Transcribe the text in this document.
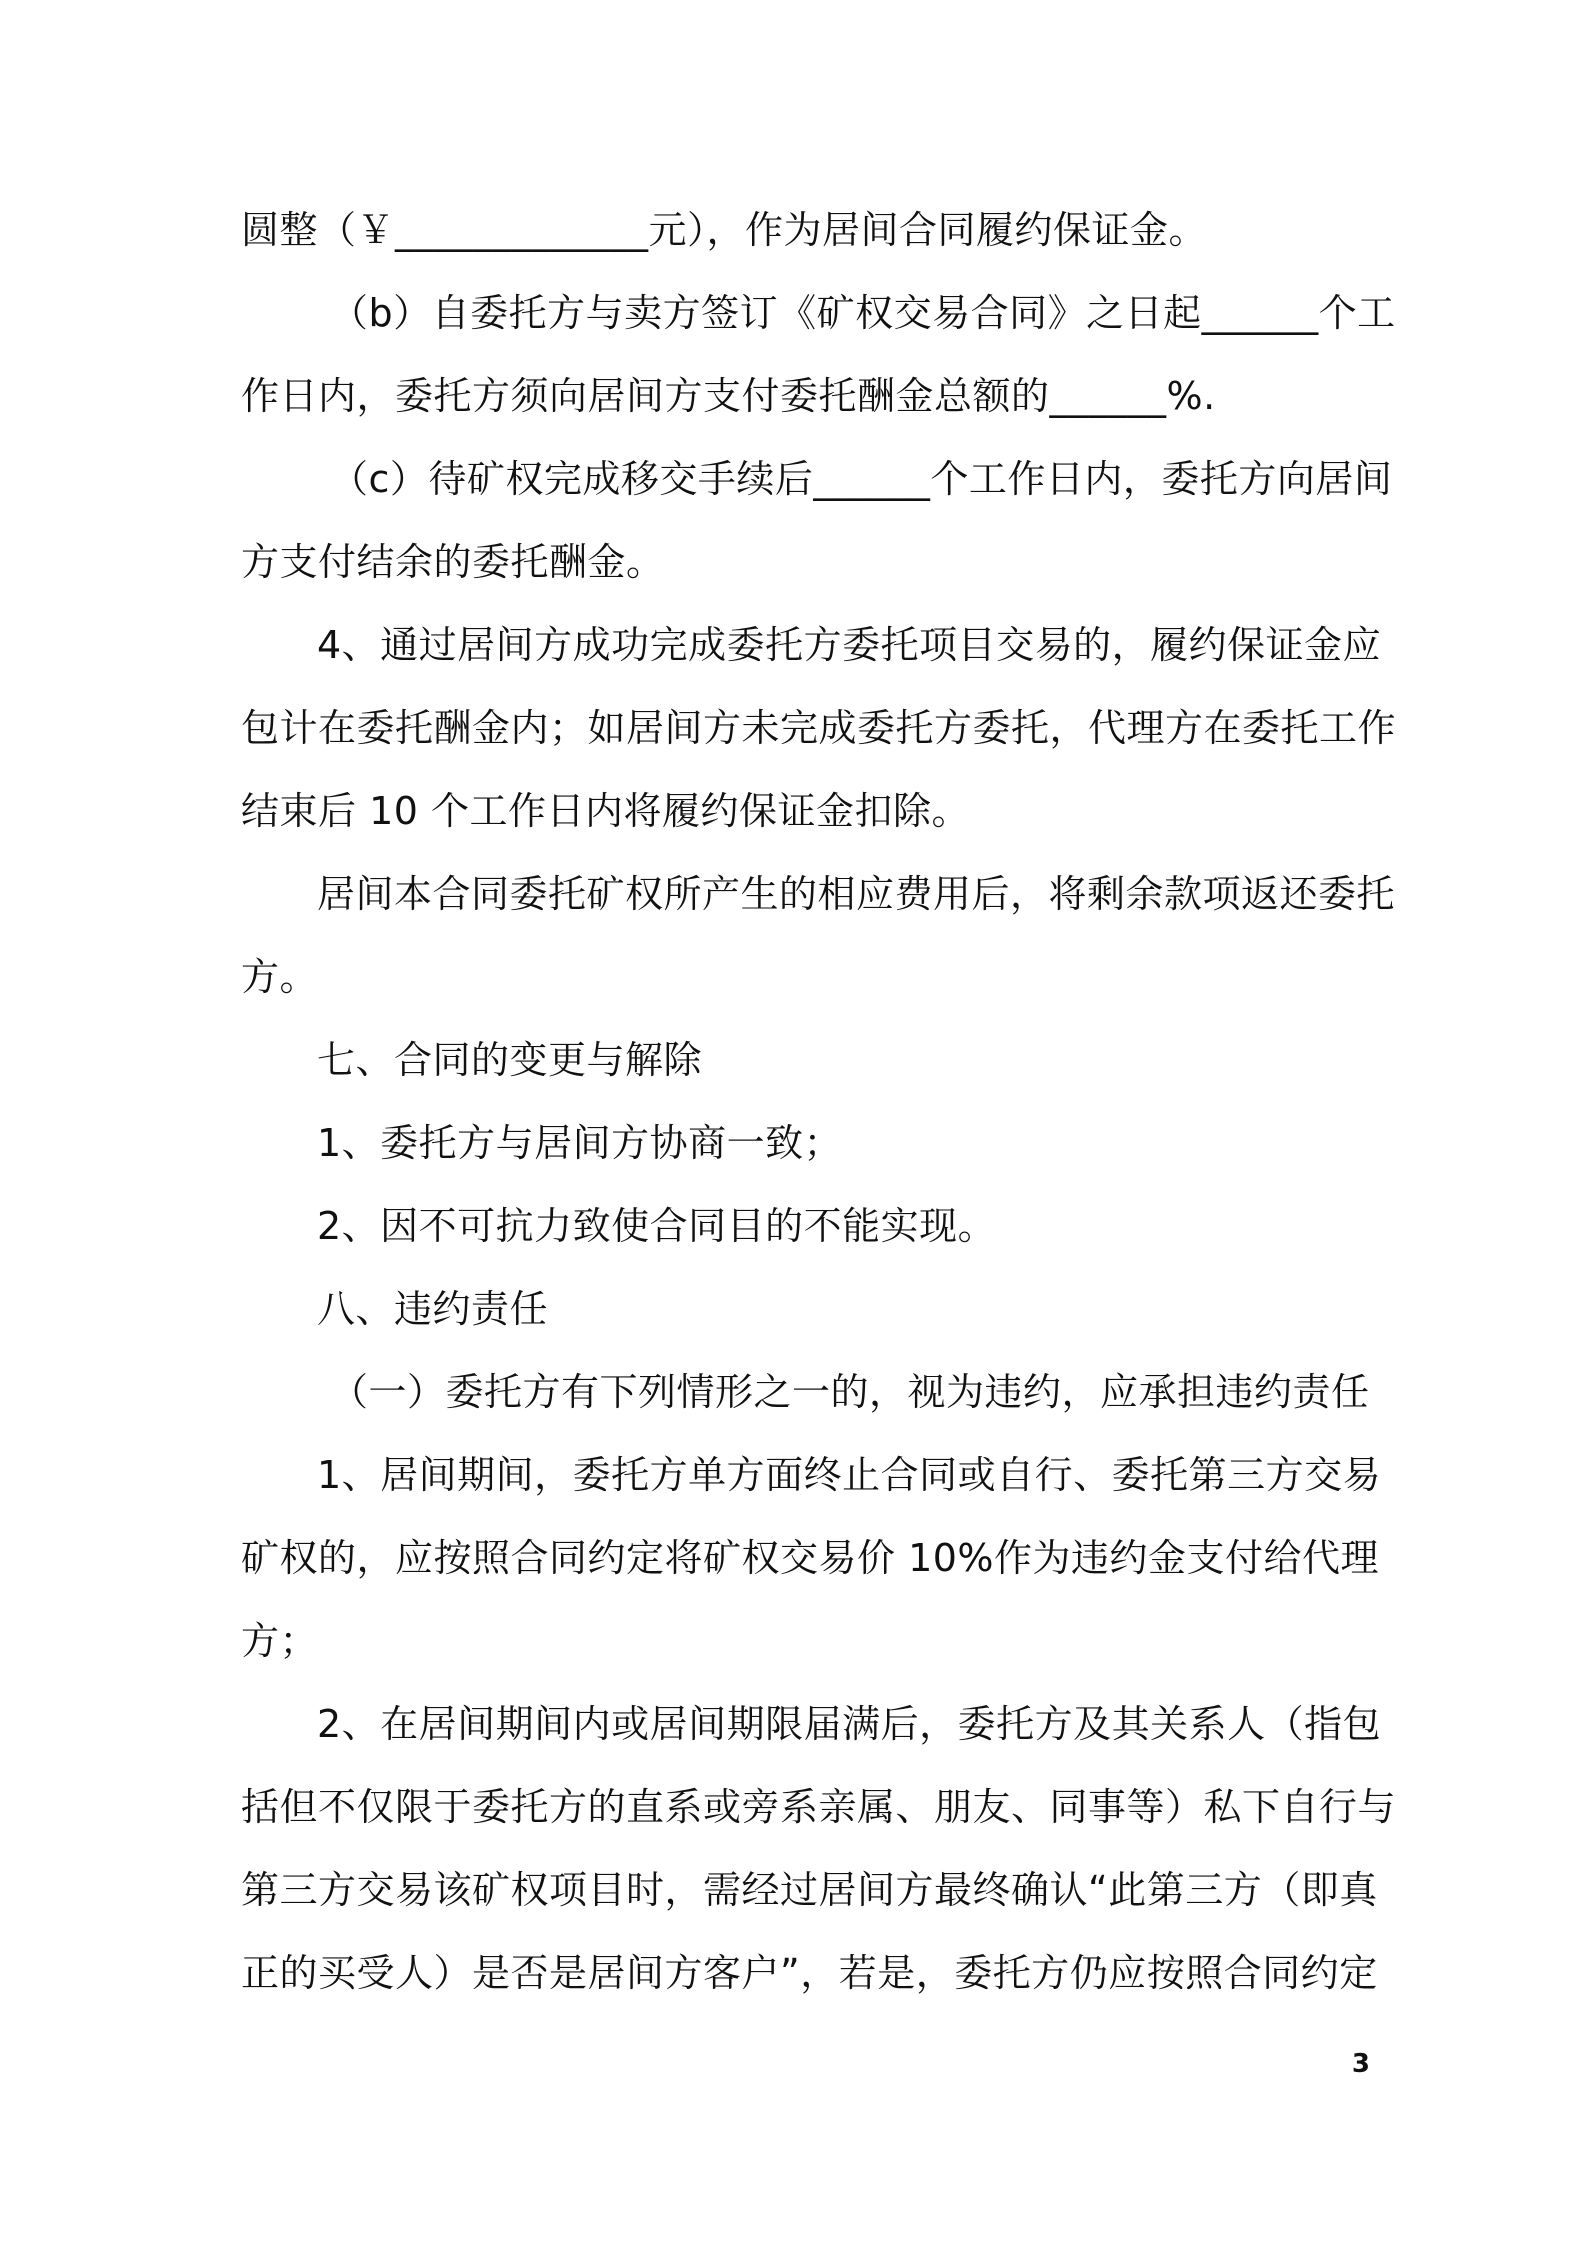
圆整（￥_____________元），作为居间合同履约保证金。
（b）自委托方与卖方签订《矿权交易合同》之日起______个工
作日内，委托方须向居间方支付委托酬金总额的______%.
（c）待矿权完成移交手续后______个工作日内，委托方向居间
方支付结余的委托酬金。
4、通过居间方成功完成委托方委托项目交易的，履约保证金应
包计在委托酬金内；如居间方未完成委托方委托，代理方在委托工作
结束后 10 个工作日内将履约保证金扣除。
居间本合同委托矿权所产生的相应费用后，将剩余款项返还委托
方。
七、合同的变更与解除
1、委托方与居间方协商一致；
2、因不可抗力致使合同目的不能实现。
八、违约责任
（一）委托方有下列情形之一的，视为违约，应承担违约责任
1、居间期间，委托方单方面终止合同或自行、委托第三方交易
矿权的，应按照合同约定将矿权交易价 10%作为违约金支付给代理
方；
2、在居间期间内或居间期限届满后，委托方及其关系人（指包
括但不仅限于委托方的直系或旁系亲属、朋友、同事等）私下自行与
第三方交易该矿权项目时，需经过居间方最终确认“此第三方（即真
正的买受人）是否是居间方客户”，若是，委托方仍应按照合同约定
3
